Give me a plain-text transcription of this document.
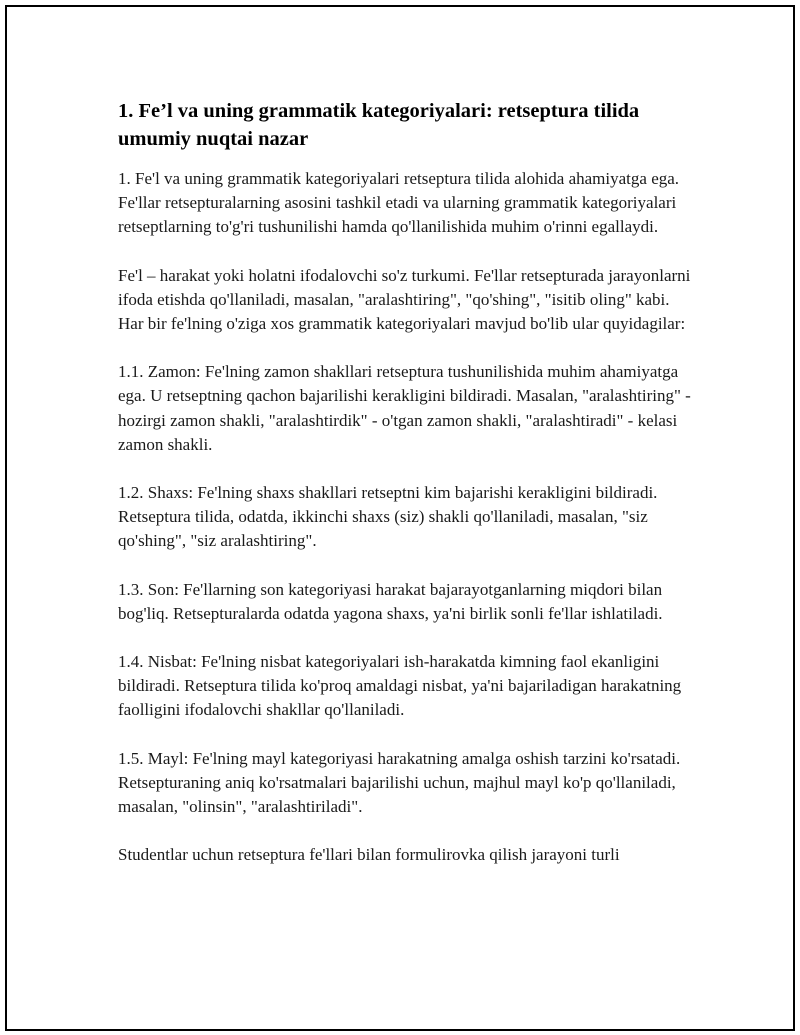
1. Fe’l va uning grammatik kategoriyalari: retseptura tilida umumiy nuqtai nazar

1. Fe'l va uning grammatik kategoriyalari retseptura tilida alohida ahamiyatga ega. Fe'llar retsepturalarning asosini tashkil etadi va ularning grammatik kategoriyalari retseptlarning to'g'ri tushunilishi hamda qo'llanilishida muhim o'rinni egallaydi.

Fe'l – harakat yoki holatni ifodalovchi so'z turkumi. Fe'llar retsepturada jarayonlarni ifoda etishda qo'llaniladi, masalan, "aralashtiring", "qo'shing", "isitib oling" kabi. Har bir fe'lning o'ziga xos grammatik kategoriyalari mavjud bo'lib ular quyidagilar:

1.1. Zamon: Fe'lning zamon shakllari retseptura tushunilishida muhim ahamiyatga ega. U retseptning qachon bajarilishi kerakligini bildiradi. Masalan, "aralashtiring" - hozirgi zamon shakli, "aralashtirdik" - o'tgan zamon shakli, "aralashtiradi" - kelasi zamon shakli.

1.2. Shaxs: Fe'lning shaxs shakllari retseptni kim bajarishi kerakligini bildiradi. Retseptura tilida, odatda, ikkinchi shaxs (siz) shakli qo'llaniladi, masalan, "siz qo'shing", "siz aralashtiring".

1.3. Son: Fe'llarning son kategoriyasi harakat bajarayotganlarning miqdori bilan bog'liq. Retsepturalarda odatda yagona shaxs, ya'ni birlik sonli fe'llar ishlatiladi.

1.4. Nisbat: Fe'lning nisbat kategoriyalari ish-harakatda kimning faol ekanligini bildiradi. Retseptura tilida ko'proq amaldagi nisbat, ya'ni bajariladigan harakatning faolligini ifodalovchi shakllar qo'llaniladi.

1.5. Mayl: Fe'lning mayl kategoriyasi harakatning amalga oshish tarzini ko'rsatadi. Retsepturaning aniq ko'rsatmalari bajarilishi uchun, majhul mayl ko'p qo'llaniladi, masalan, "olinsin", "aralashtiriladi".

Studentlar uchun retseptura fe'llari bilan formulirovka qilish jarayoni turli
